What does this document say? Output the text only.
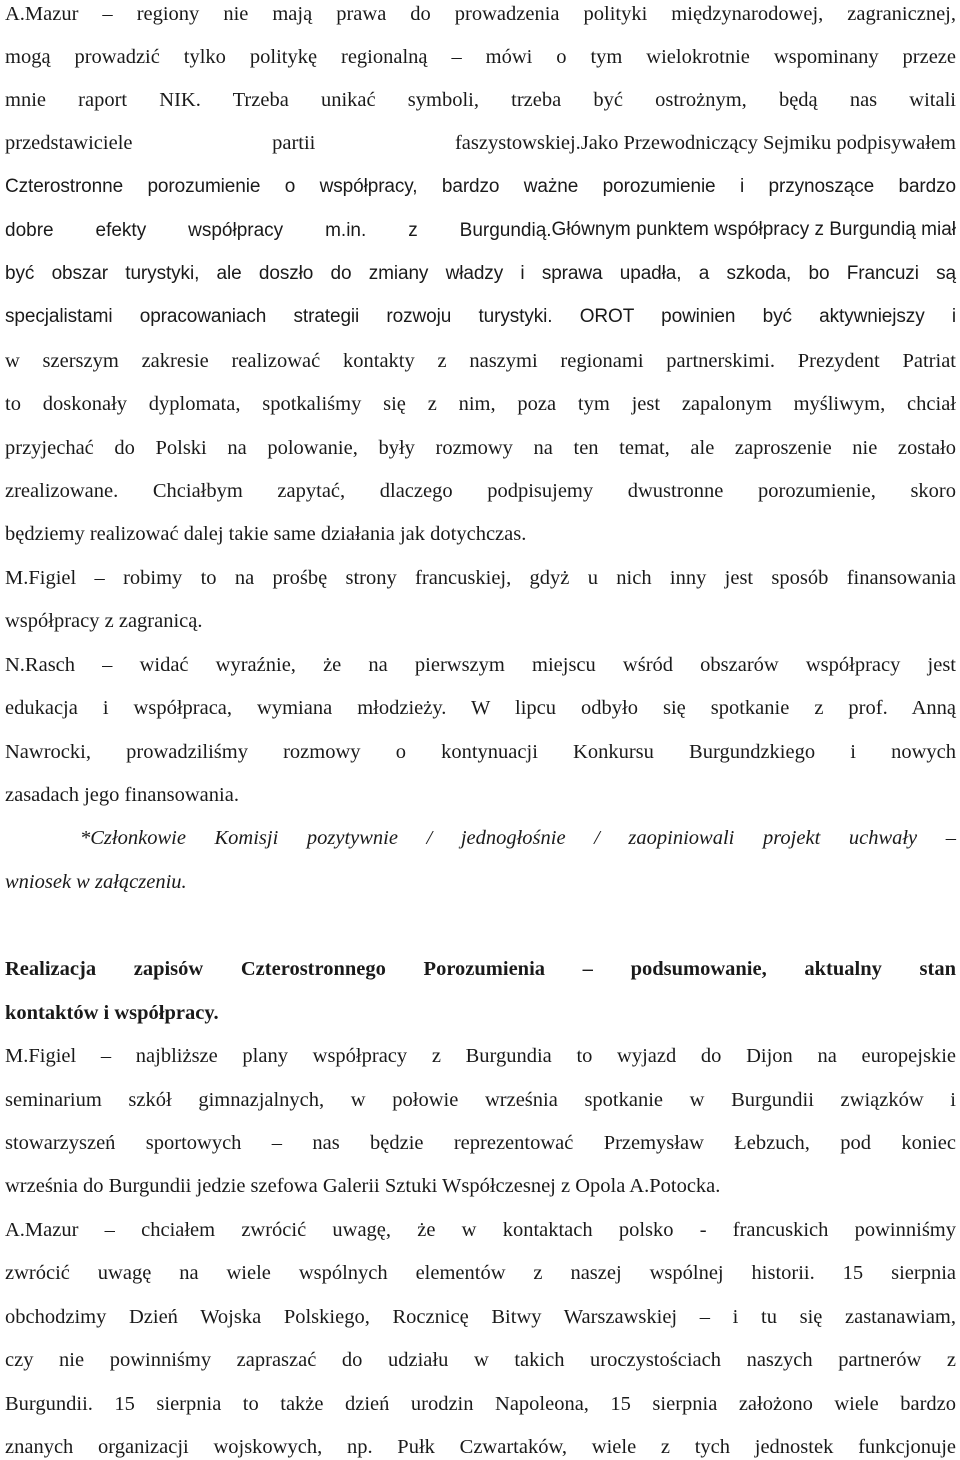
A.Mazur – regiony nie mają prawa do prowadzenia polityki międzynarodowej, zagranicznej,
mogą prowadzić tylko politykę regionalną – mówi o tym wielokrotnie wspominany przeze
mnie raport NIK. Trzeba unikać symboli, trzeba być ostrożnym, będą nas witali
przedstawiciele partii faszystowskiej. Jako Przewodniczący Sejmiku podpisywałem
Czterostronne porozumienie o współpracy, bardzo ważne porozumienie i przynoszące bardzo
dobre efekty współpracy m.in. z Burgundią. Głównym punktem współpracy z Burgundią miał
być obszar turystyki, ale doszło do zmiany władzy i sprawa upadła, a szkoda, bo Francuzi są
specjalistami opracowaniach strategii rozwoju turystyki. OROT powinien być aktywniejszy i
w szerszym zakresie realizować kontakty z naszymi regionami partnerskimi. Prezydent Patriat
to doskonały dyplomata, spotkaliśmy się z nim, poza tym jest zapalonym myśliwym, chciał
przyjechać do Polski na polowanie, były rozmowy na ten temat, ale zaproszenie nie zostało
zrealizowane. Chciałbym zapytać, dlaczego podpisujemy dwustronne porozumienie, skoro
będziemy realizować dalej takie same działania jak dotychczas.
M.Figiel – robimy to na prośbę strony francuskiej, gdyż u nich inny jest sposób finansowania
współpracy z zagranicą.
N.Rasch – widać wyraźnie, że na pierwszym miejscu wśród obszarów współpracy jest
edukacja i współpraca, wymiana młodzieży. W lipcu odbyło się spotkanie z prof. Anną
Nawrocki, prowadziliśmy rozmowy o kontynuacji Konkursu Burgundzkiego i nowych
zasadach jego finansowania.
*Członkowie Komisji pozytywnie / jednogłośnie / zaopiniowali projekt uchwały –
wniosek w załączeniu.
Realizacja zapisów Czterostronnego Porozumienia – podsumowanie, aktualny stan
kontaktów i współpracy.
M.Figiel – najbliższe plany współpracy z Burgundia to wyjazd do Dijon na europejskie
seminarium szkół gimnazjalnych, w połowie września spotkanie w Burgundii związków i
stowarzyszeń sportowych – nas będzie reprezentować Przemysław Łebzuch, pod koniec
września do Burgundii jedzie szefowa Galerii Sztuki Współczesnej z Opola A.Potocka.
A.Mazur – chciałem zwrócić uwagę, że w kontaktach polsko - francuskich powinniśmy
zwrócić uwagę na wiele wspólnych elementów z naszej wspólnej historii. 15 sierpnia
obchodzimy Dzień Wojska Polskiego, Rocznicę Bitwy Warszawskiej – i tu się zastanawiam,
czy nie powinniśmy zapraszać do udziału w takich uroczystościach naszych partnerów z
Burgundii. 15 sierpnia to także dzień urodzin Napoleona, 15 sierpnia założono wiele bardzo
znanych organizacji wojskowych, np. Pułk Czwartaków, wiele z tych jednostek funkcjonuje
